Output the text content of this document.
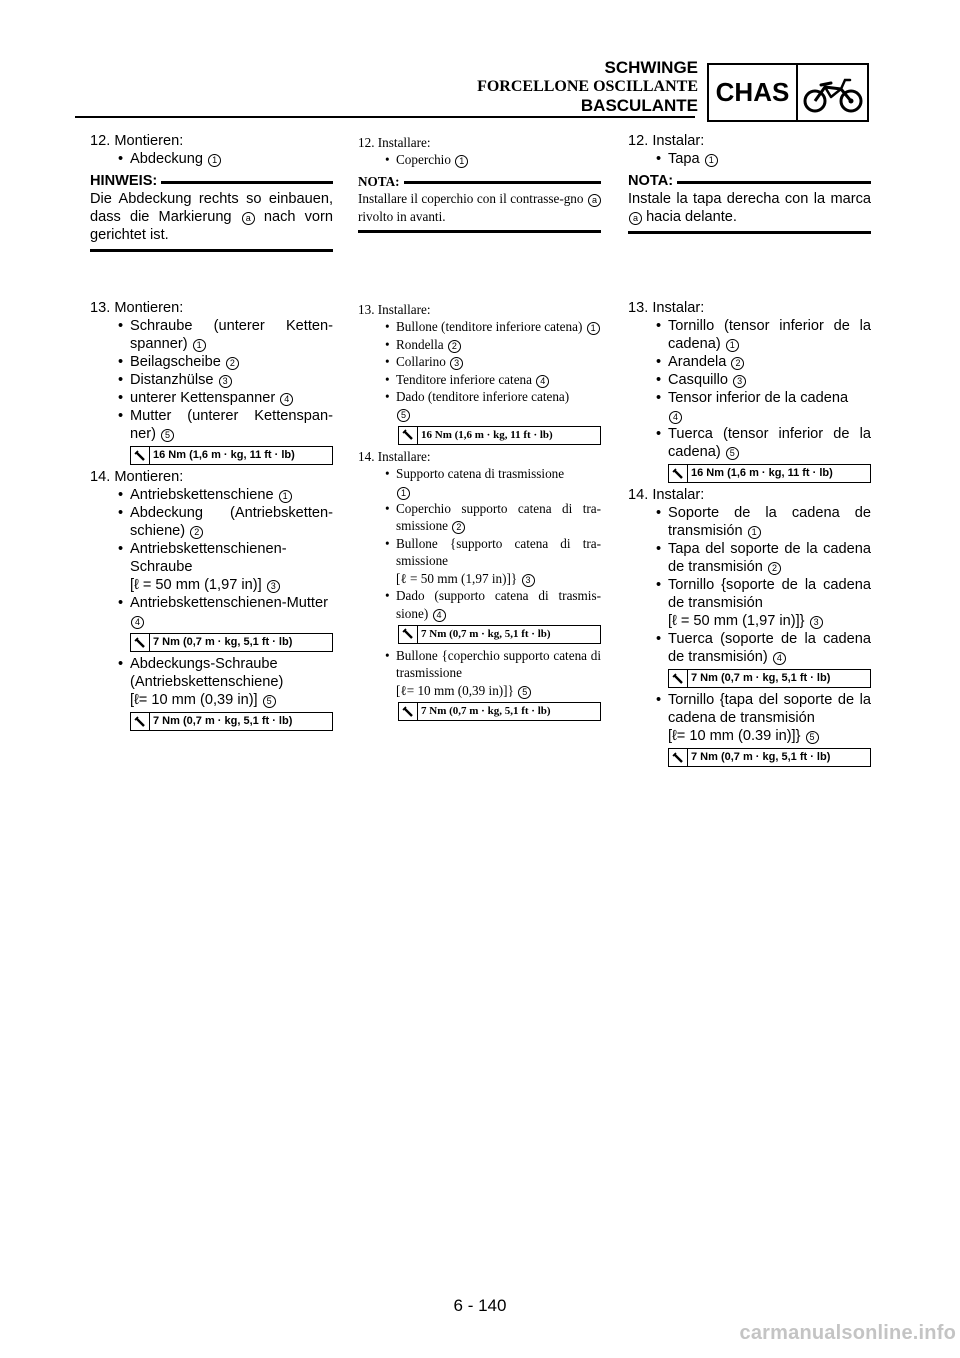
SCHWINGE
FORCELLONE OSCILLANTE
BASCULANTE CHAS

12. Montieren:

• Abdeckung 1
HINWEIS:
Die Abdeckung rechts so einbauen, dass die Markierung a nach vorn gerichtet ist.

13. Montieren:

• Schraube (unterer Ketten-spanner) 1
• Beilagscheibe 2
• Distanzhülse 3
• unterer Kettenspanner 4
• Mutter (unterer Kettenspan-ner) 5
16 Nm (1,6 m · kg, 11 ft · lb)

14. Montieren:

• Antriebskettenschiene 1
• Abdeckung (Antriebsketten-schiene) 2
• Antriebskettenschienen-Schraube
[ℓ = 50 mm (1,97 in)] 3
• Antriebskettenschienen-Mutter
4
7 Nm (0,7 m · kg, 5,1 ft · lb)
• Abdeckungs-Schraube (Antriebskettenschiene)
[ℓ= 10 mm (0,39 in)] 5
7 Nm (0,7 m · kg, 5,1 ft · lb)

12. Installare:

• Coperchio 1
NOTA:
Installare il coperchio con il contrasse-gno a rivolto in avanti.

13. Installare:

• Bullone (tenditore inferiore catena) 1
• Rondella 2
• Collarino 3
• Tenditore inferiore catena 4
• Dado (tenditore inferiore catena)
5
16 Nm (1,6 m · kg, 11 ft · lb)

14. Installare:

• Supporto catena di trasmissione
1
• Coperchio supporto catena di tra-smissione 2
• Bullone {supporto catena di tra-smissione
[ℓ = 50 mm (1,97 in)]} 3
• Dado (supporto catena di trasmis-sione) 4
7 Nm (0,7 m · kg, 5,1 ft · lb)
• Bullone {coperchio supporto catena di trasmissione
[ℓ= 10 mm (0,39 in)]} 5
7 Nm (0,7 m · kg, 5,1 ft · lb)

12. Instalar:

• Tapa 1
NOTA:
Instale la tapa derecha con la marca a hacia delante.

13. Instalar:

• Tornillo (tensor inferior de la cadena) 1
• Arandela 2
• Casquillo 3
• Tensor inferior de la cadena
4
• Tuerca (tensor inferior de la cadena) 5
16 Nm (1,6 m · kg, 11 ft · lb)

14. Instalar:

• Soporte de la cadena de transmisión 1
• Tapa del soporte de la cadena de transmisión 2
• Tornillo {soporte de la cadena de transmisión
[ℓ = 50 mm (1,97 in)]} 3
• Tuerca (soporte de la cadena de transmisión) 4
7 Nm (0,7 m · kg, 5,1 ft · lb)
• Tornillo {tapa del soporte de la cadena de transmisión
[ℓ= 10 mm (0.39 in)]} 5
7 Nm (0,7 m · kg, 5,1 ft · lb)
6 - 140
carmanualsonline.info
